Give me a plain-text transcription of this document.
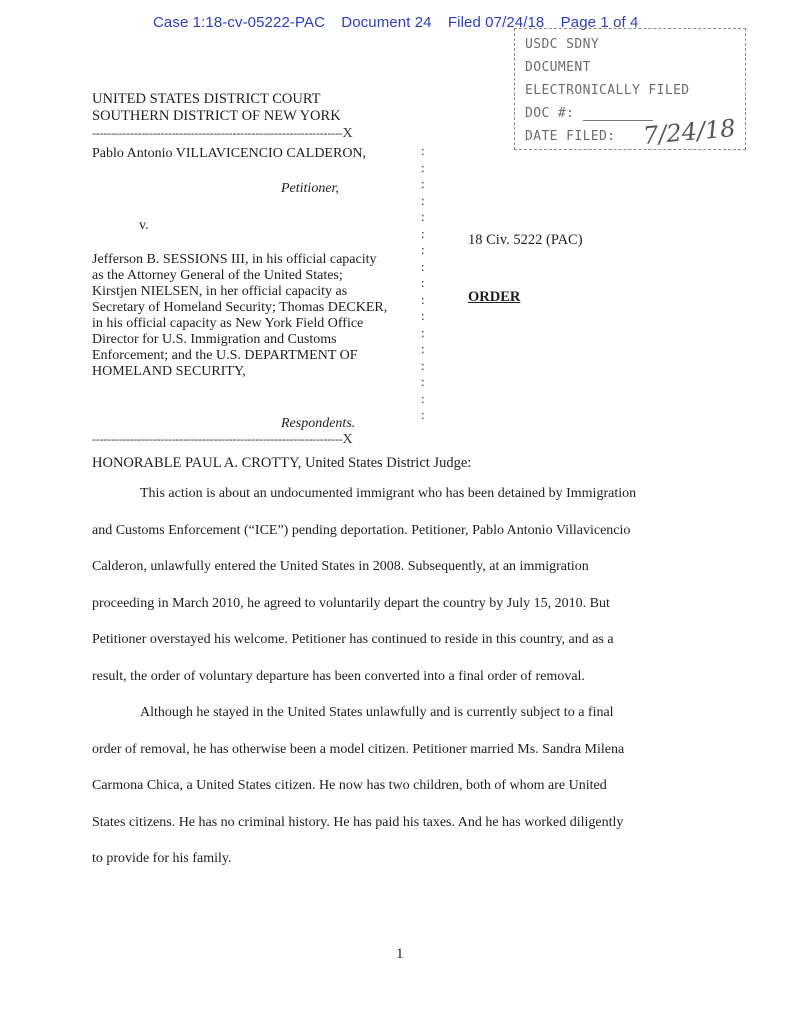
Case 1:18-cv-05222-PAC Document 24 Filed 07/24/18 Page 1 of 4
USDC SDNY
DOCUMENT
ELECTRONICALLY FILED
DOC #:
DATE FILED: 7/24/18
UNITED STATES DISTRICT COURT
SOUTHERN DISTRICT OF NEW YORK
------------------------------------------------------------------X
Pablo Antonio VILLAVICENCIO CALDERON,
Petitioner,
v.
Jefferson B. SESSIONS III, in his official capacity
as the Attorney General of the United States;
Kirstjen NIELSEN, in her official capacity as
Secretary of Homeland Security; Thomas DECKER,
in his official capacity as New York Field Office
Director for U.S. Immigration and Customs
Enforcement; and the U.S. DEPARTMENT OF
HOMELAND SECURITY,
Respondents.
:
:
:
:
:
:
:
:
:
:
:
:
:
:
:
:
:
------------------------------------------------------------------X
18 Civ. 5222 (PAC)
ORDER
HONORABLE PAUL A. CROTTY, United States District Judge:

This action is about an undocumented immigrant who has been detained by Immigration

and Customs Enforcement (“ICE”) pending deportation. Petitioner, Pablo Antonio Villavicencio

Calderon, unlawfully entered the United States in 2008. Subsequently, at an immigration

proceeding in March 2010, he agreed to voluntarily depart the country by July 15, 2010. But

Petitioner overstayed his welcome. Petitioner has continued to reside in this country, and as a

result, the order of voluntary departure has been converted into a final order of removal.

Although he stayed in the United States unlawfully and is currently subject to a final

order of removal, he has otherwise been a model citizen. Petitioner married Ms. Sandra Milena

Carmona Chica, a United States citizen. He now has two children, both of whom are United

States citizens. He has no criminal history. He has paid his taxes. And he has worked diligently

to provide for his family.

1
